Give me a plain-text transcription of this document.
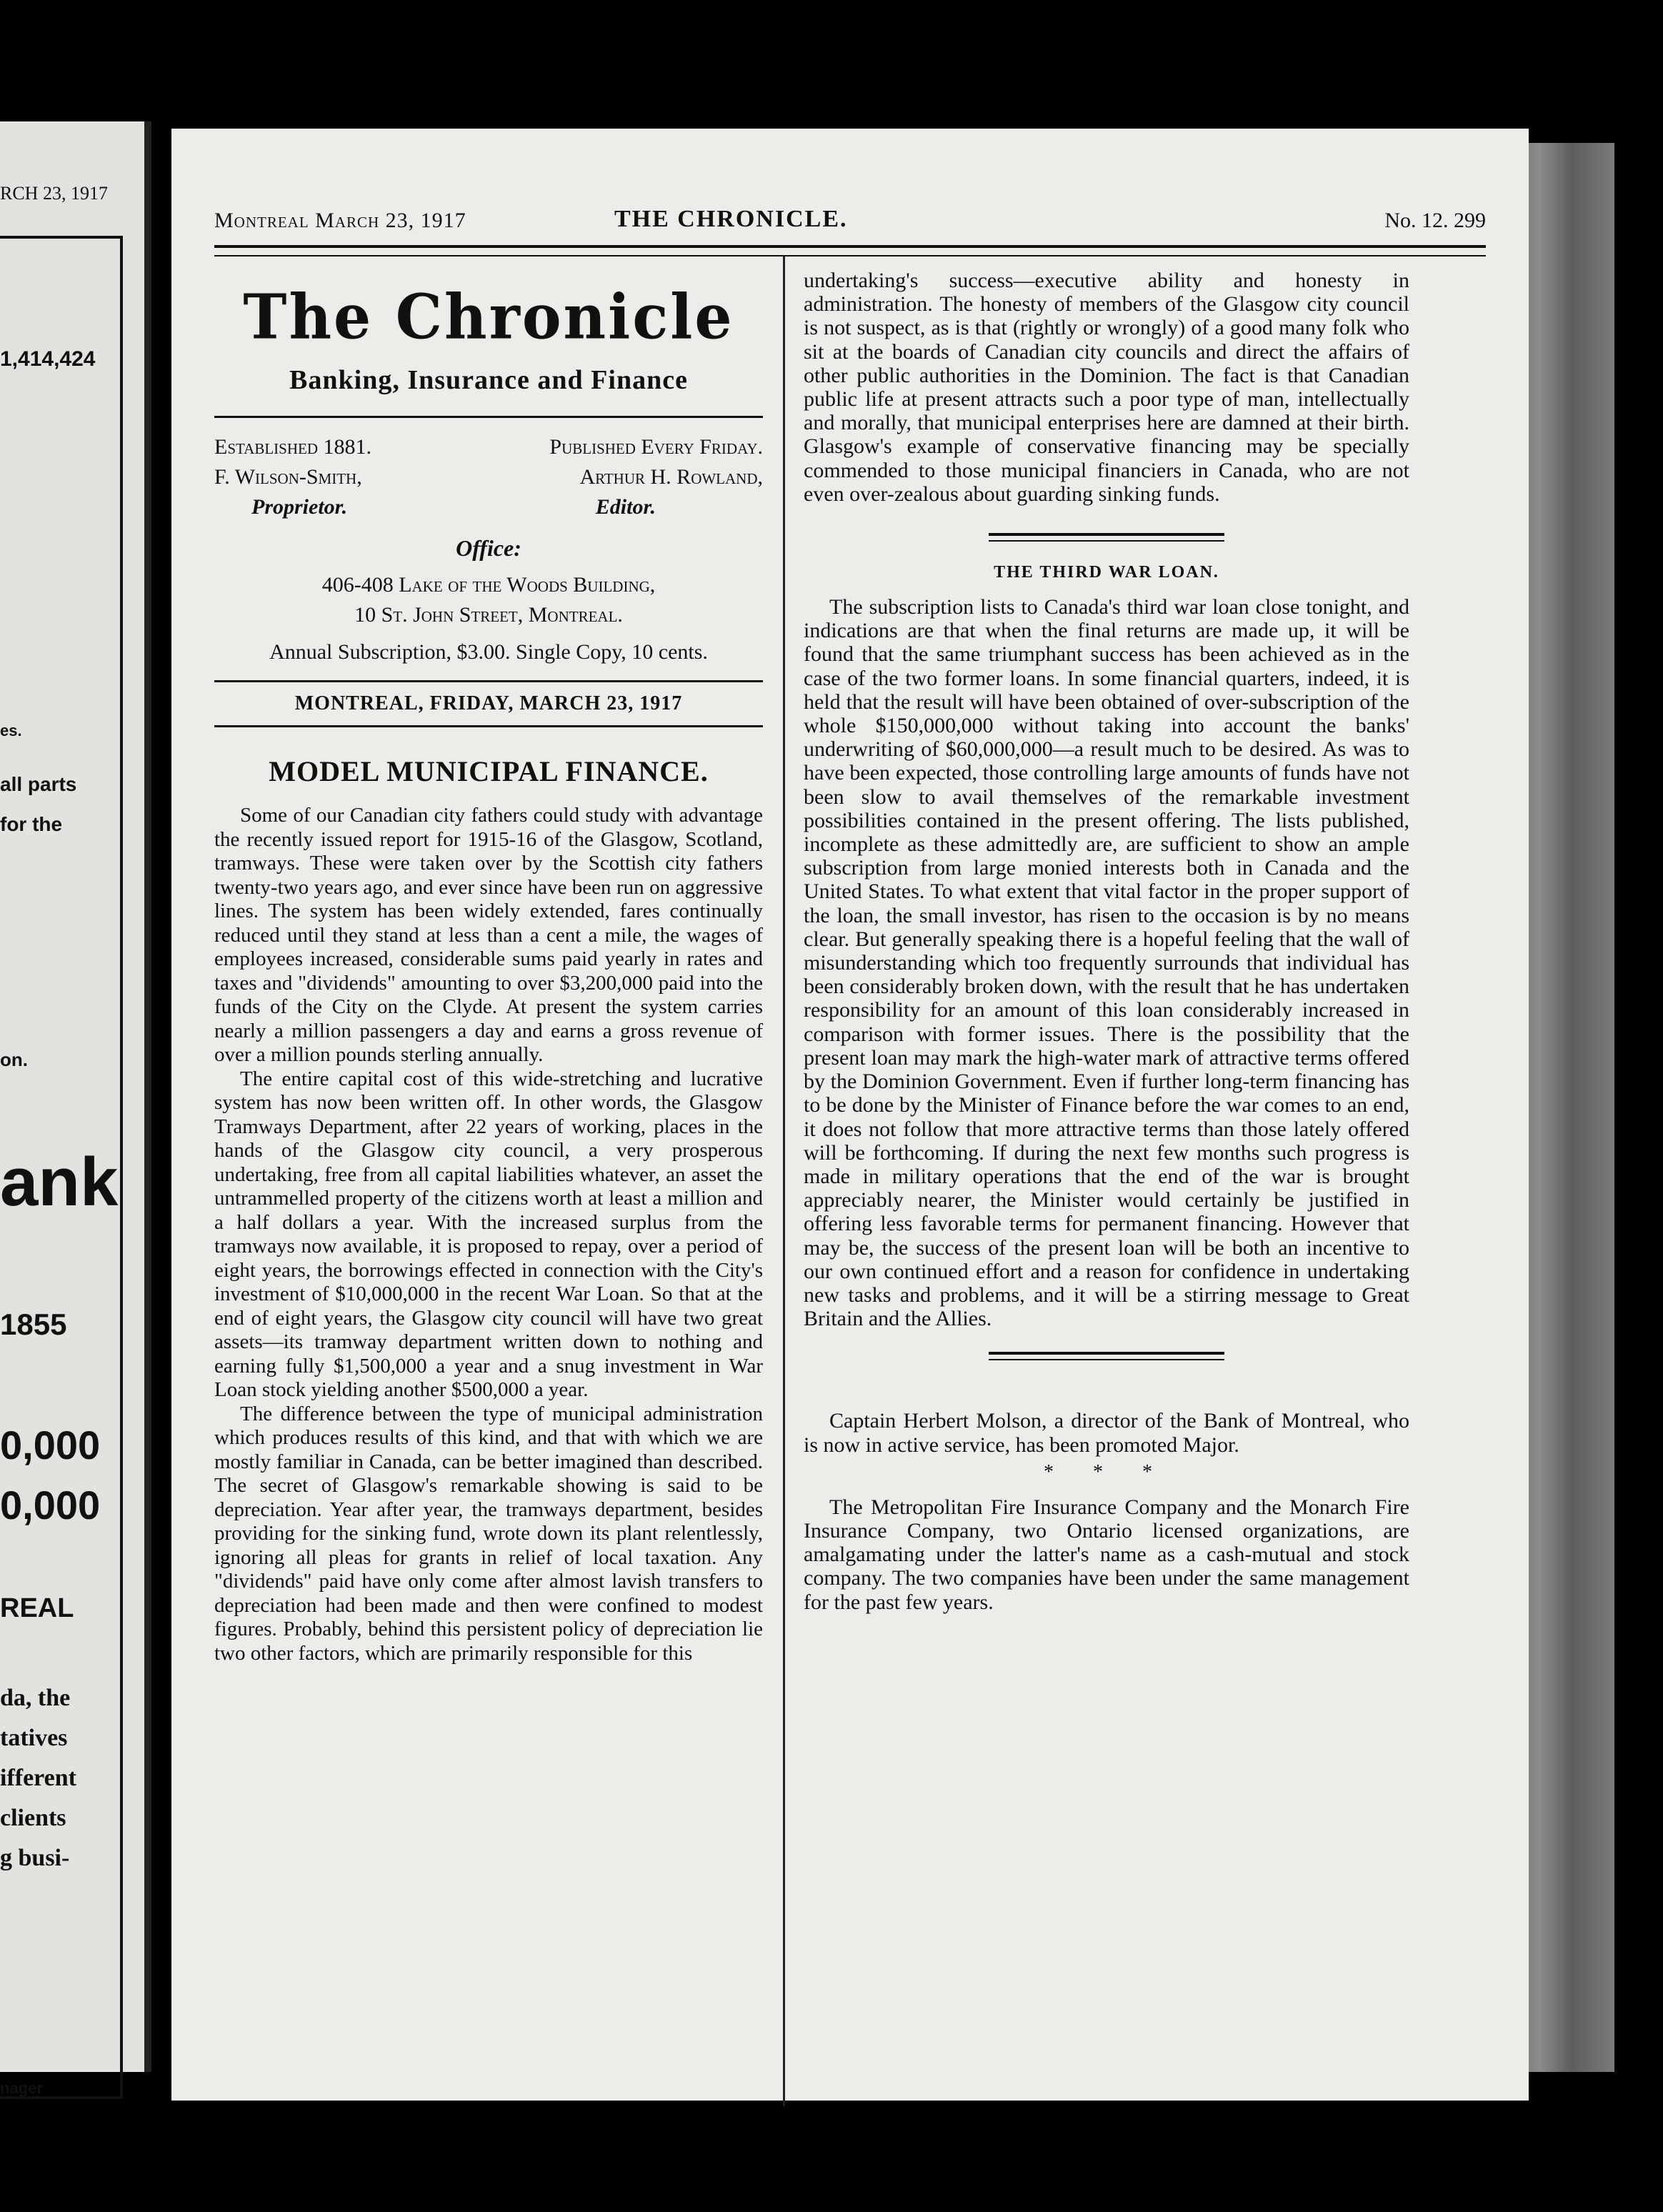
RCH 23, 1917
1,414,424
es.
all parts
for the
on.
ank
1855
0,000
0,000
REAL
da, the
tatives
ifferent
clients
g busi-
nager
Montreal March 23, 1917	THE CHRONICLE.	No. 12. 299
The Chronicle
Banking, Insurance and Finance
Established 1881.	Published Every Friday.
F. Wilson-Smith,	Arthur H. Rowland,
Proprietor.	Editor.
Office:
406-408 Lake of the Woods Building,
10 St. John Street, Montreal.
Annual Subscription, $3.00. Single Copy, 10 cents.
MONTREAL, FRIDAY, MARCH 23, 1917
MODEL MUNICIPAL FINANCE.

Some of our Canadian city fathers could study with advantage the recently issued report for 1915-16 of the Glasgow, Scotland, tramways. These were taken over by the Scottish city fathers twenty-two years ago, and ever since have been run on aggressive lines. The system has been widely extended, fares continually reduced until they stand at less than a cent a mile, the wages of employees increased, considerable sums paid yearly in rates and taxes and "dividends" amounting to over $3,200,000 paid into the funds of the City on the Clyde. At present the system carries nearly a million passengers a day and earns a gross revenue of over a million pounds sterling annually.

The entire capital cost of this wide-stretching and lucrative system has now been written off. In other words, the Glasgow Tramways Department, after 22 years of working, places in the hands of the Glasgow city council, a very prosperous undertaking, free from all capital liabilities whatever, an asset the untrammelled property of the citizens worth at least a million and a half dollars a year. With the increased surplus from the tramways now available, it is proposed to repay, over a period of eight years, the borrowings effected in connection with the City's investment of $10,000,000 in the recent War Loan. So that at the end of eight years, the Glasgow city council will have two great assets—its tramway department written down to nothing and earning fully $1,500,000 a year and a snug investment in War Loan stock yielding another $500,000 a year.

The difference between the type of municipal administration which produces results of this kind, and that with which we are mostly familiar in Canada, can be better imagined than described. The secret of Glasgow's remarkable showing is said to be depreciation. Year after year, the tramways department, besides providing for the sinking fund, wrote down its plant relentlessly, ignoring all pleas for grants in relief of local taxation. Any "dividends" paid have only come after almost lavish transfers to depreciation had been made and then were confined to modest figures. Probably, behind this persistent policy of depreciation lie two other factors, which are primarily responsible for this

undertaking's success—executive ability and honesty in administration. The honesty of members of the Glasgow city council is not suspect, as is that (rightly or wrongly) of a good many folk who sit at the boards of Canadian city councils and direct the affairs of other public authorities in the Dominion. The fact is that Canadian public life at present attracts such a poor type of man, intellectually and morally, that municipal enterprises here are damned at their birth. Glasgow's example of conservative financing may be specially commended to those municipal financiers in Canada, who are not even over-zealous about guarding sinking funds.

THE THIRD WAR LOAN.

The subscription lists to Canada's third war loan close tonight, and indications are that when the final returns are made up, it will be found that the same triumphant success has been achieved as in the case of the two former loans. In some financial quarters, indeed, it is held that the result will have been obtained of over-subscription of the whole $150,000,000 without taking into account the banks' underwriting of $60,000,000—a result much to be desired. As was to have been expected, those controlling large amounts of funds have not been slow to avail themselves of the remarkable investment possibilities contained in the present offering. The lists published, incomplete as these admittedly are, are sufficient to show an ample subscription from large monied interests both in Canada and the United States. To what extent that vital factor in the proper support of the loan, the small investor, has risen to the occasion is by no means clear. But generally speaking there is a hopeful feeling that the wall of misunderstanding which too frequently surrounds that individual has been considerably broken down, with the result that he has undertaken responsibility for an amount of this loan considerably increased in comparison with former issues. There is the possibility that the present loan may mark the high-water mark of attractive terms offered by the Dominion Government. Even if further long-term financing has to be done by the Minister of Finance before the war comes to an end, it does not follow that more attractive terms than those lately offered will be forthcoming. If during the next few months such progress is made in military operations that the end of the war is brought appreciably nearer, the Minister would certainly be justified in offering less favorable terms for permanent financing. However that may be, the success of the present loan will be both an incentive to our own continued effort and a reason for confidence in undertaking new tasks and problems, and it will be a stirring message to Great Britain and the Allies.

Captain Herbert Molson, a director of the Bank of Montreal, who is now in active service, has been promoted Major.

* * *

The Metropolitan Fire Insurance Company and the Monarch Fire Insurance Company, two Ontario licensed organizations, are amalgamating under the latter's name as a cash-mutual and stock company. The two companies have been under the same management for the past few years.
